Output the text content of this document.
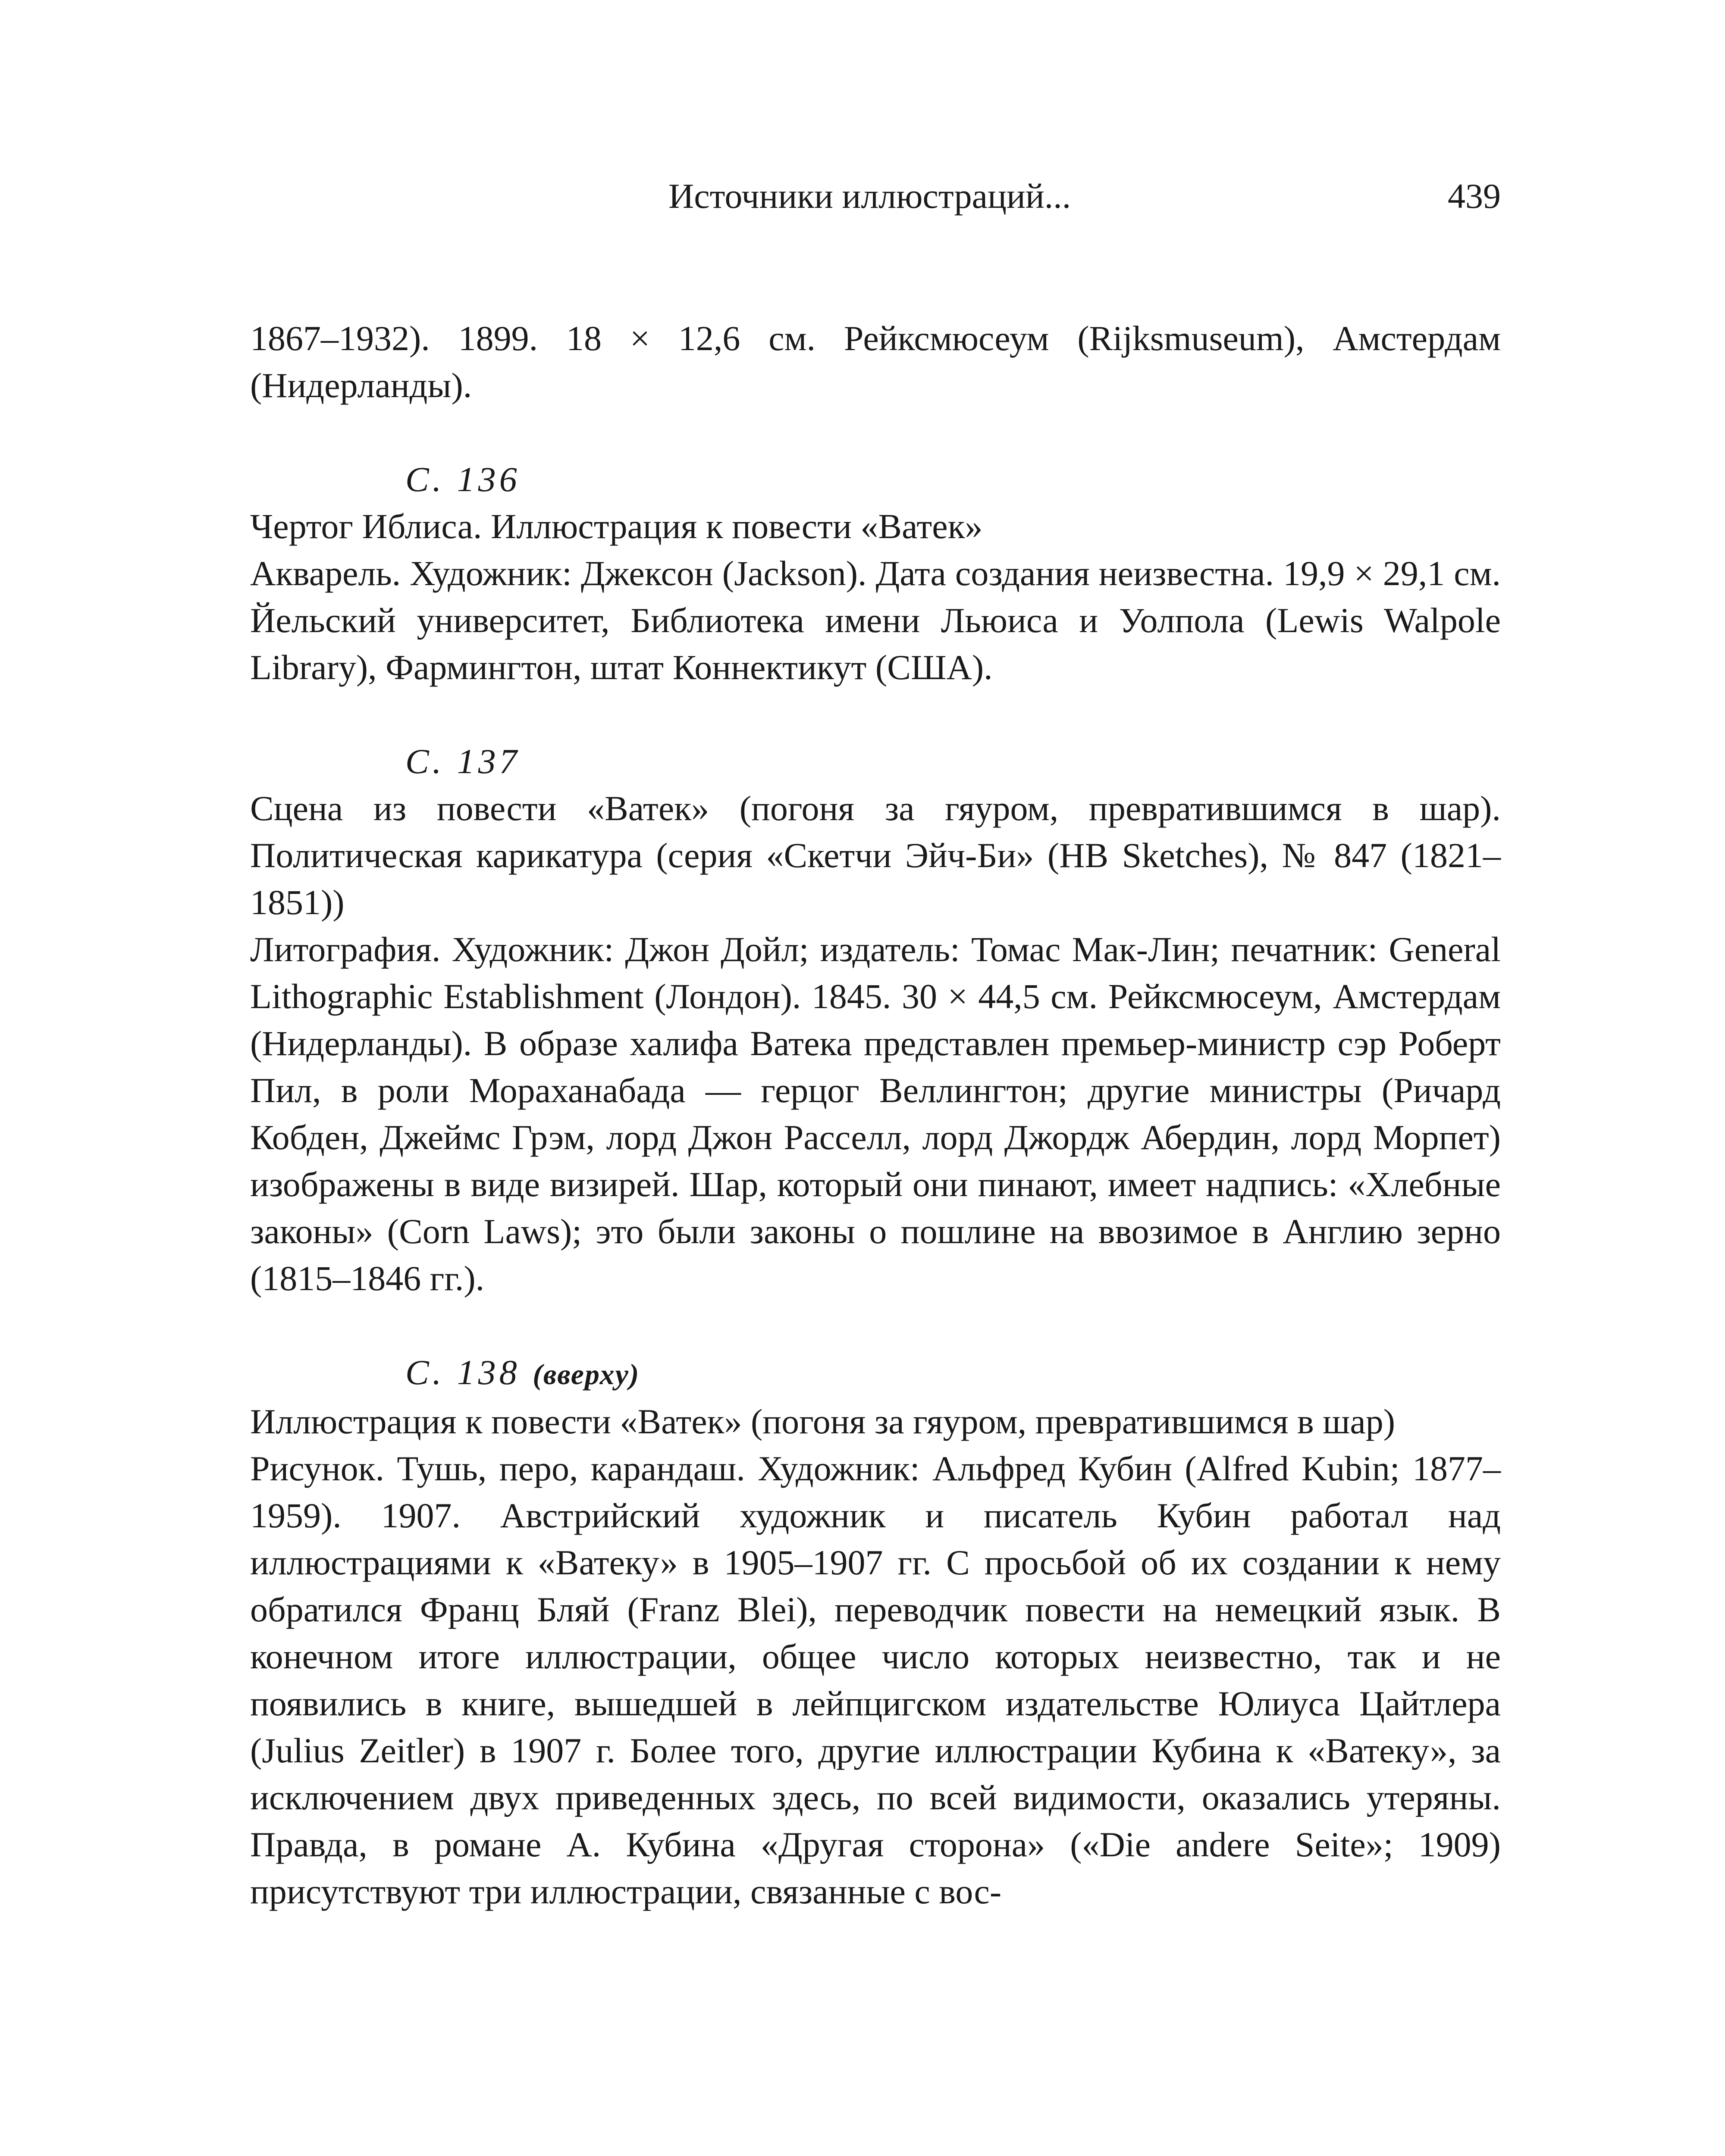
Источники иллюстраций...	439

1867–1932). 1899. 18 × 12,6 см. Рейксмюсеум (Rijksmuseum), Амстердам (Нидерланды).

С. 136

Чертог Иблиса. Иллюстрация к повести «Ватек»

Акварель. Художник: Джексон (Jackson). Дата создания неизвестна. 19,9 × 29,1 см. Йельский университет, Библиотека имени Льюиса и Уолпола (Lewis Walpole Library), Фармингтон, штат Коннектикут (США).

С. 137

Сцена из повести «Ватек» (погоня за гяуром, превратившимся в шар). Политическая карикатура (серия «Скетчи Эйч-Би» (HB Sketches), № 847 (1821–1851))

Литография. Художник: Джон Дойл; издатель: Томас Мак-Лин; печатник: General Lithographic Establishment (Лондон). 1845. 30 × 44,5 см. Рейксмюсеум, Амстердам (Нидерланды). В образе халифа Ватека представлен премьер-министр сэр Роберт Пил, в роли Мораханабада — герцог Веллингтон; другие министры (Ричард Кобден, Джеймс Грэм, лорд Джон Расселл, лорд Джордж Абердин, лорд Морпет) изображены в виде визирей. Шар, который они пинают, имеет надпись: «Хлебные законы» (Corn Laws); это были законы о пошлине на ввозимое в Англию зерно (1815–1846 гг.).

С. 138 (вверху)

Иллюстрация к повести «Ватек» (погоня за гяуром, превратившимся в шар)

Рисунок. Тушь, перо, карандаш. Художник: Альфред Кубин (Alfred Kubin; 1877–1959). 1907. Австрийский художник и писатель Кубин работал над иллюстрациями к «Ватеку» в 1905–1907 гг. С просьбой об их создании к нему обратился Франц Бляй (Franz Blei), переводчик повести на немецкий язык. В конечном итоге иллюстрации, общее число которых неизвестно, так и не появились в книге, вышедшей в лейпцигском издательстве Юлиуса Цайтлера (Julius Zeitler) в 1907 г. Более того, другие иллюстрации Кубина к «Ватеку», за исключением двух приведенных здесь, по всей видимости, оказались утеряны. Правда, в романе А. Кубина «Другая сторона» («Die andere Seite»; 1909) присутствуют три иллюстрации, связанные с вос-
